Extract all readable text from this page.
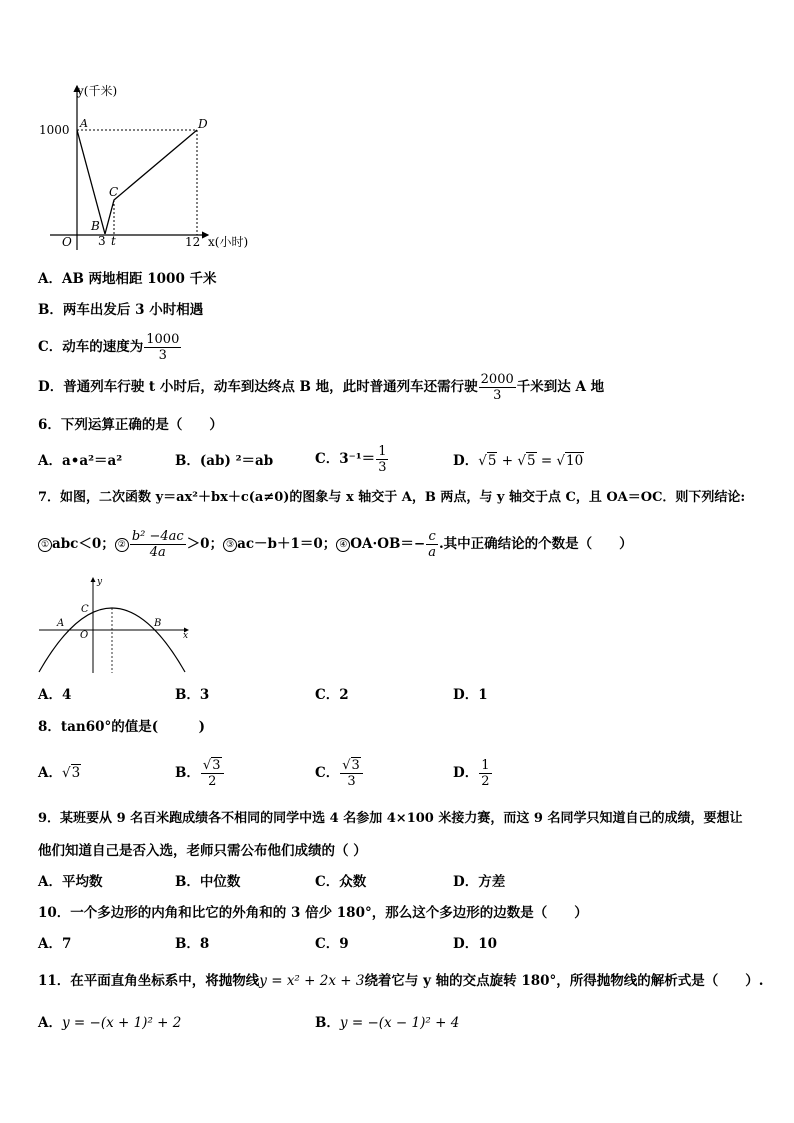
y(千米)
x(小时)
1000
O 3 t	12
A
B
C
D
A．AB 两地相距 1000 千米
B．两车出发后 3 小时相遇
C．动车的速度为 $\frac{1000}{3}$
D．普通列车行驶 t 小时后，动车到达终点 B 地，此时普通列车还需行驶 $\frac{2000}{3}$ 千米到达 A 地
6．下列运算正确的是（　　）
A．a•a²＝a²	B．(ab) ²＝ab	C．$3^{-1}= \frac{1}{3}$	D．√5 + √5 = √10
7．如图，二次函数 y＝ax²＋bx＋c(a≠0)的图象与 x 轴交于 A，B 两点，与 y 轴交于点 C，且 OA＝OC．则下列结论:
① abc＜0； ② $\frac{\text{b² −4ac}}{4a} >0$； ③ ac－b＋1＝0； ④ $OA\cdot OB=- \frac{c}{a}$ .其中正确结论的个数是（　　）
y
x
C
A
O
B
A．4	B．3	C．2	D．1
8．tan60°的值是(　　　)
A．√3	B． $\frac{√3}{2}$	C． $\frac{√3}{3}$	D． $\frac{1}{2}$
9．某班要从 9 名百米跑成绩各不相同的同学中选 4 名参加 4×100 米接力赛，而这 9 名同学只知道自己的成绩，要想让
他们知道自己是否入选，老师只需公布他们成绩的（ ）
A．平均数	B．中位数	C．众数	D．方差
10．一个多边形的内角和比它的外角和的 3 倍少 180°，那么这个多边形的边数是（　　）
A．7	B．8	C．9	D．10
11．在平面直角坐标系中，将抛物线y = x² + 2x + 3绕着它与 y 轴的交点旋转 180°，所得抛物线的解析式是（　　）.
A．y = −(x + 1)² + 2	B．y = −(x − 1)² + 4
